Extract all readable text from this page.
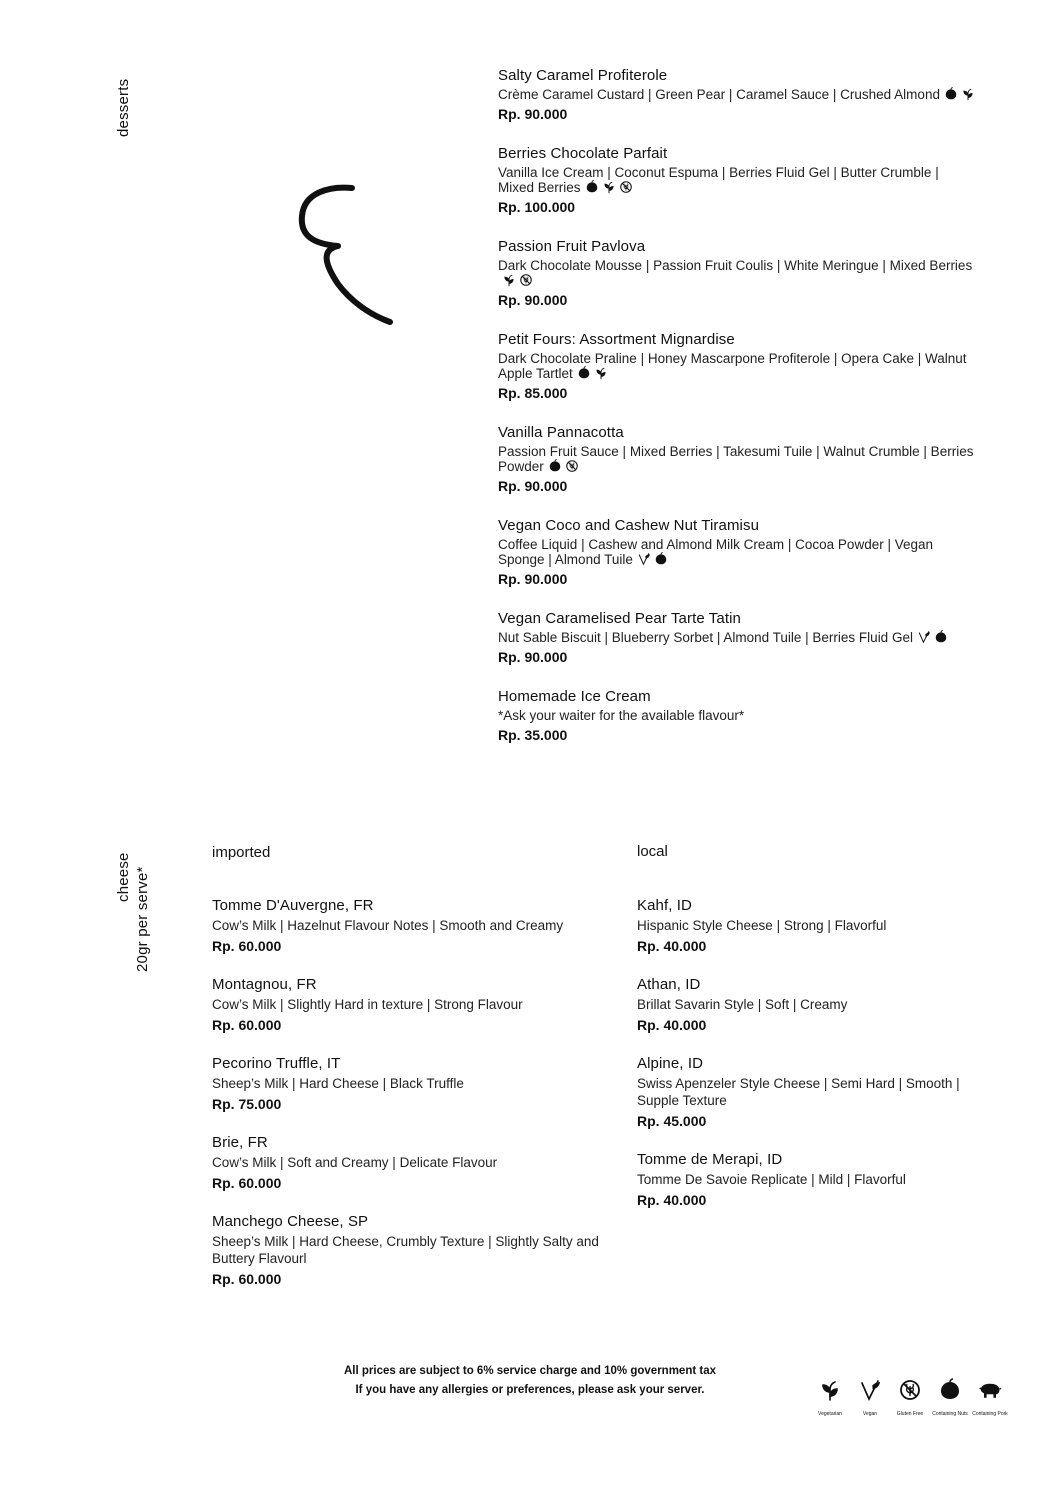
desserts
cheese 20gr per serve*
Salty Caramel Profiterole
Crème Caramel Custard | Green Pear | Caramel Sauce | Crushed Almond
Rp. 90.000
Berries Chocolate Parfait
Vanilla Ice Cream | Coconut Espuma | Berries Fluid Gel | Butter Crumble | Mixed Berries
Rp. 100.000
Passion Fruit Pavlova
Dark Chocolate Mousse | Passion Fruit Coulis | White Meringue | Mixed Berries
Rp. 90.000
Petit Fours: Assortment Mignardise
Dark Chocolate Praline | Honey Mascarpone Profiterole | Opera Cake | Walnut Apple Tartlet
Rp. 85.000
Vanilla Pannacotta
Passion Fruit Sauce | Mixed Berries | Takesumi Tuile | Walnut Crumble | Berries Powder
Rp. 90.000
Vegan Coco and Cashew Nut Tiramisu
Coffee Liquid | Cashew and Almond Milk Cream | Cocoa Powder | Vegan Sponge | Almond Tuile
Rp. 90.000
Vegan Caramelised Pear Tarte Tatin
Nut Sable Biscuit | Blueberry Sorbet | Almond Tuile | Berries Fluid Gel
Rp. 90.000
Homemade Ice Cream
*Ask your waiter for the available flavour*
Rp. 35.000
imported	local
Tomme D'Auvergne, FR
Cow’s Milk | Hazelnut Flavour Notes | Smooth and Creamy
Rp. 60.000
Montagnou, FR
Cow’s Milk | Slightly Hard in texture | Strong Flavour
Rp. 60.000
Pecorino Truffle, IT
Sheep’s Milk | Hard Cheese | Black Truffle
Rp. 75.000
Brie, FR
Cow’s Milk | Soft and Creamy | Delicate Flavour
Rp. 60.000
Manchego Cheese, SP
Sheep’s Milk | Hard Cheese, Crumbly Texture | Slightly Salty and Buttery Flavourl
Rp. 60.000
Kahf, ID
Hispanic Style Cheese | Strong | Flavorful
Rp. 40.000
Athan, ID
Brillat Savarin Style | Soft | Creamy
Rp. 40.000
Alpine, ID
Swiss Apenzeler Style Cheese | Semi Hard | Smooth | Supple Texture
Rp. 45.000
Tomme de Merapi, ID
Tomme De Savoie Replicate | Mild | Flavorful
Rp. 40.000
All prices are subject to 6% service charge and 10% government tax
If you have any allergies or preferences, please ask your server.
Vegetarian	Vegan	Gluten Free Containing Nuts Containing Pork
